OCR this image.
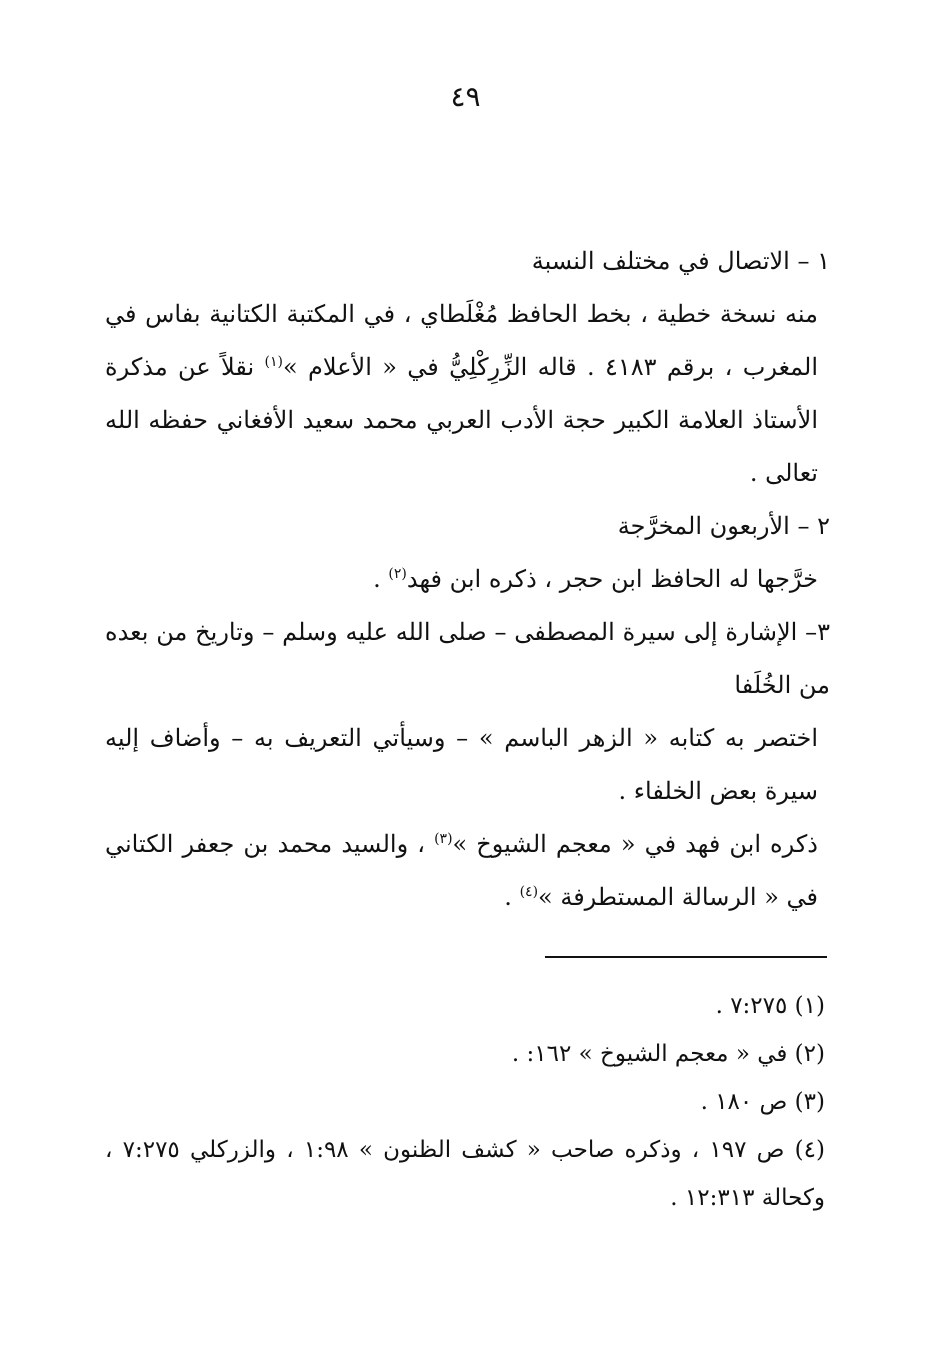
٤٩

١ – الاتصال في مختلف النسبة

منه نسخة خطية ، بخط الحافظ مُغْلَطاي ، في المكتبة الكتانية بفاس في المغرب ، برقم ٤١٨٣ . قاله الزِّرِكْلِيُّ في « الأعلام »$^{(١)}$ نقلاً عن مذكرة الأستاذ العلامة الكبير حجة الأدب العربي محمد سعيد الأفغاني حفظه الله تعالى .

٢ – الأربعون المخرَّجة

خرَّجها له الحافظ ابن حجر ، ذكره ابن فهد$^{(٢)}$ .

٣– الإشارة إلى سيرة المصطفى – صلى الله عليه وسلم – وتاريخ من بعده من الخُلَفا

اختصر به كتابه « الزهر الباسم » – وسيأتي التعريف به – وأضاف إليه سيرة بعض الخلفاء .

ذكره ابن فهد في « معجم الشيوخ »$^{(٣)}$ ، والسيد محمد بن جعفر الكتاني في « الرسالة المستطرفة »$^{(٤)}$ .

(١) ٧:٢٧٥ .

(٢) في « معجم الشيوخ » ١٦٢: .

(٣) ص ١٨٠ .

(٤) ص ١٩٧ ، وذكره صاحب « كشف الظنون » ١:٩٨ ، والزركلي ٧:٢٧٥ ، وكحالة ١٢:٣١٣ .
